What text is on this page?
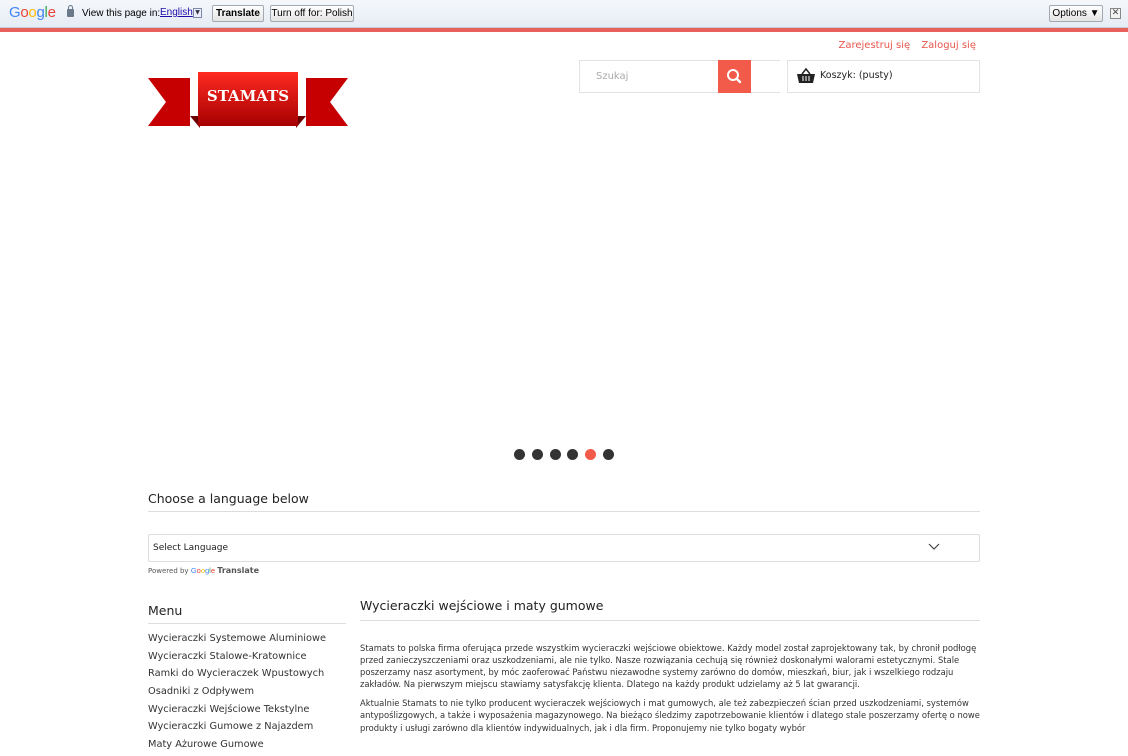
Google	View this page in: English ▼	Translate	Turn off for: Polish	Options ▼	✕
Zarejestruj się Zaloguj się
STAMATS
Szukaj
Koszyk: (pusty)
Choose a language below
Select Language
Powered by Google Translate
Menu
Wycieraczki Systemowe Aluminiowe
Wycieraczki Stalowe-Kratownice
Ramki do Wycieraczek Wpustowych
Osadniki z Odpływem
Wycieraczki Wejściowe Tekstylne
Wycieraczki Gumowe z Najazdem
Maty Ażurowe Gumowe
Wycieraczki wejściowe i maty gumowe

Stamats to polska firma oferująca przede wszystkim wycieraczki wejściowe obiektowe. Każdy model został zaprojektowany tak, by chronił podłogę przed zanieczyszczeniami oraz uszkodzeniami, ale nie tylko. Nasze rozwiązania cechują się również doskonałymi walorami estetycznymi. Stale poszerzamy nasz asortyment, by móc zaoferować Państwu niezawodne systemy zarówno do domów, mieszkań, biur, jak i wszelkiego rodzaju zakładów. Na pierwszym miejscu stawiamy satysfakcję klienta. Dlatego na każdy produkt udzielamy aż 5 lat gwarancji.

Aktualnie Stamats to nie tylko producent wycieraczek wejściowych i mat gumowych, ale też zabezpieczeń ścian przed uszkodzeniami, systemów antypoślizgowych, a także i wyposażenia magazynowego. Na bieżąco śledzimy zapotrzebowanie klientów i dlatego stale poszerzamy ofertę o nowe produkty i usługi zarówno dla klientów indywidualnych, jak i dla firm. Proponujemy nie tylko bogaty wybór
